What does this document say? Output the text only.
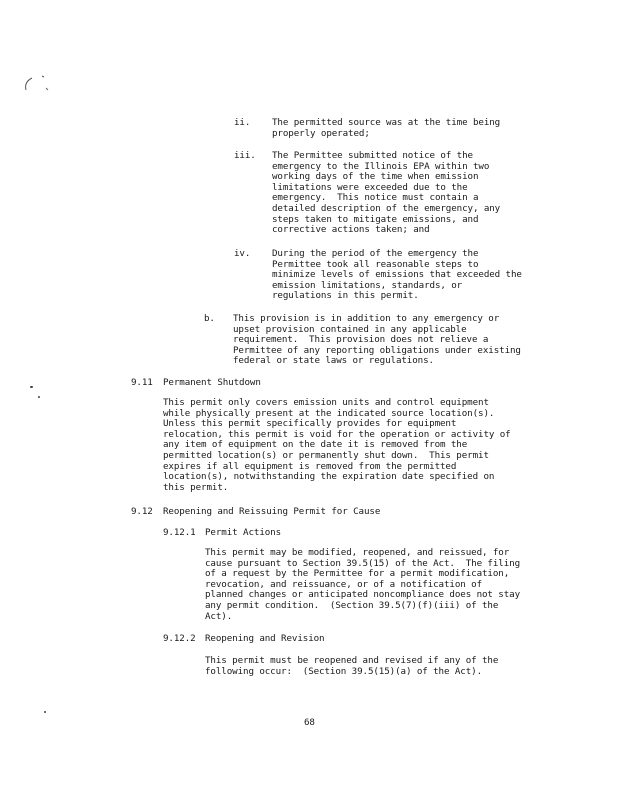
ii. The permitted source was at the time being
properly operated;
iii. The Permittee submitted notice of the
emergency to the Illinois EPA within two
working days of the time when emission
limitations were exceeded due to the
emergency.  This notice must contain a
detailed description of the emergency, any
steps taken to mitigate emissions, and
corrective actions taken; and
iv. During the period of the emergency the
Permittee took all reasonable steps to
minimize levels of emissions that exceeded the
emission limitations, standards, or
regulations in this permit.
b. This provision is in addition to any emergency or
upset provision contained in any applicable
requirement.  This provision does not relieve a
Permittee of any reporting obligations under existing
federal or state laws or regulations.
9.11 Permanent Shutdown
This permit only covers emission units and control equipment
while physically present at the indicated source location(s).
Unless this permit specifically provides for equipment
relocation, this permit is void for the operation or activity of
any item of equipment on the date it is removed from the
permitted location(s) or permanently shut down.  This permit
expires if all equipment is removed from the permitted
location(s), notwithstanding the expiration date specified on
this permit.
9.12 Reopening and Reissuing Permit for Cause
9.12.1 Permit Actions
This permit may be modified, reopened, and reissued, for
cause pursuant to Section 39.5(15) of the Act.  The filing
of a request by the Permittee for a permit modification,
revocation, and reissuance, or of a notification of
planned changes or anticipated noncompliance does not stay
any permit condition.  (Section 39.5(7)(f)(iii) of the
Act).
9.12.2 Reopening and Revision
This permit must be reopened and revised if any of the
following occur:  (Section 39.5(15)(a) of the Act).
68
